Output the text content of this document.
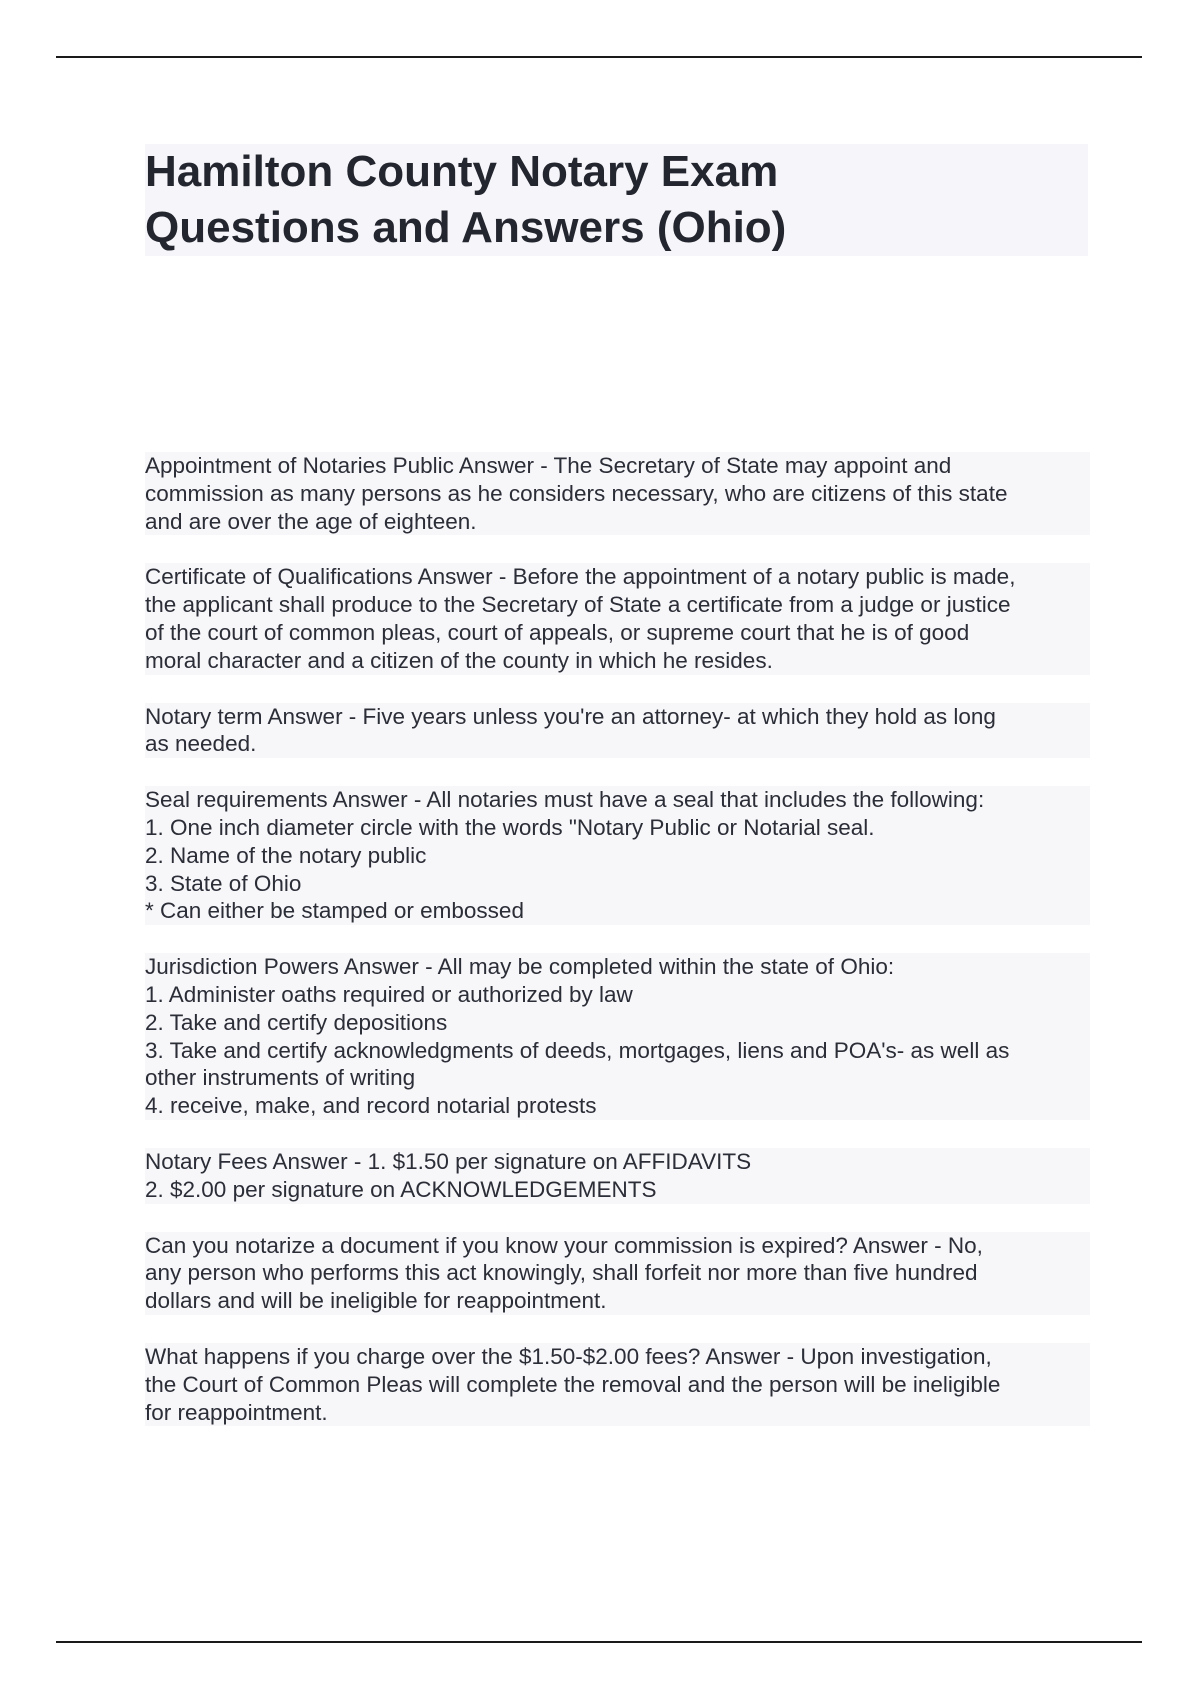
Hamilton County Notary Exam
Questions and Answers (Ohio)
Appointment of Notaries Public Answer - The Secretary of State may appoint and
commission as many persons as he considers necessary, who are citizens of this state
and are over the age of eighteen.
Certificate of Qualifications Answer - Before the appointment of a notary public is made,
the applicant shall produce to the Secretary of State a certificate from a judge or justice
of the court of common pleas, court of appeals, or supreme court that he is of good
moral character and a citizen of the county in which he resides.
Notary term Answer - Five years unless you're an attorney- at which they hold as long
as needed.
Seal requirements Answer - All notaries must have a seal that includes the following:
1. One inch diameter circle with the words "Notary Public or Notarial seal.
2. Name of the notary public
3. State of Ohio
* Can either be stamped or embossed
Jurisdiction Powers Answer - All may be completed within the state of Ohio:
1. Administer oaths required or authorized by law
2. Take and certify depositions
3. Take and certify acknowledgments of deeds, mortgages, liens and POA's- as well as
other instruments of writing
4. receive, make, and record notarial protests
Notary Fees Answer - 1. $1.50 per signature on AFFIDAVITS
2. $2.00 per signature on ACKNOWLEDGEMENTS
Can you notarize a document if you know your commission is expired? Answer - No,
any person who performs this act knowingly, shall forfeit nor more than five hundred
dollars and will be ineligible for reappointment.
What happens if you charge over the $1.50-$2.00 fees? Answer - Upon investigation,
the Court of Common Pleas will complete the removal and the person will be ineligible
for reappointment.
